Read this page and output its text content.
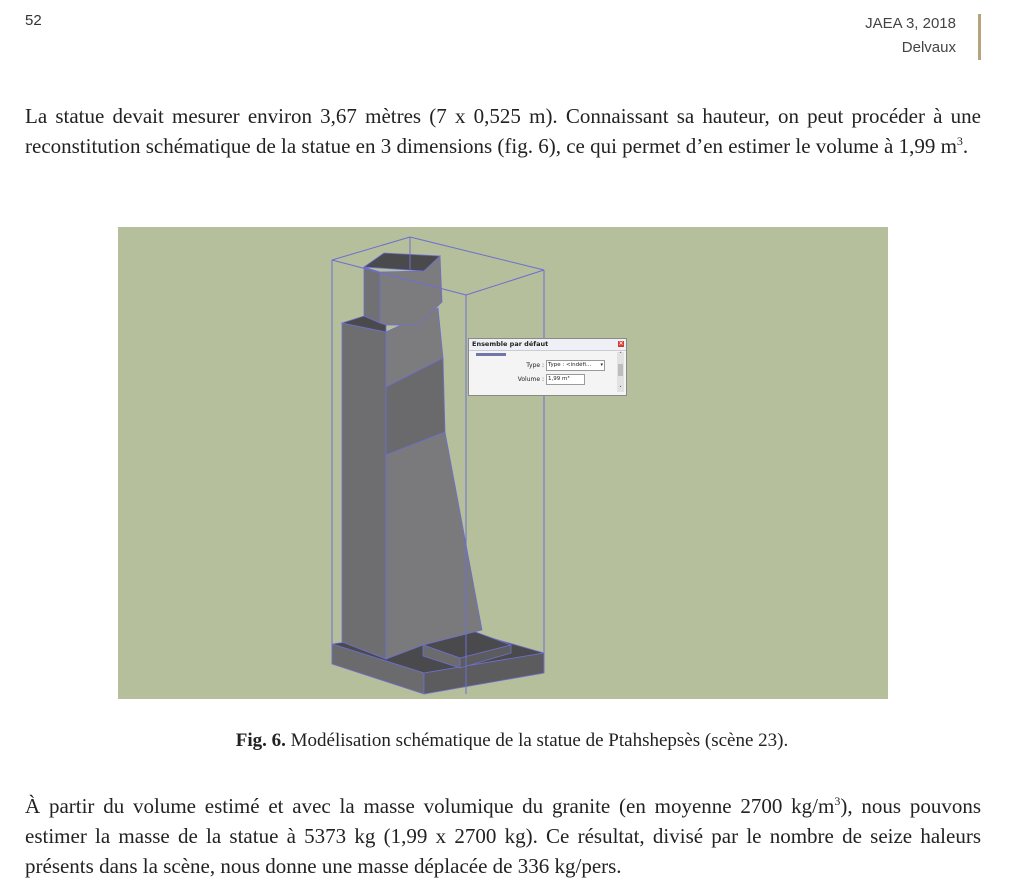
52	JAEA 3, 2018
Delvaux

La statue devait mesurer environ 3,67 mètres (7 x 0,525 m). Connaissant sa hauteur, on peut procéder à une reconstitution schématique de la statue en 3 dimensions (fig. 6), ce qui permet d’en estimer le volume à 1,99 $m^3$.

Ensemble par défaut	×
Type : Type : <indéfi... ▾
Volume : 1,99 m³
˄
˅
Fig. 6. Modélisation schématique de la statue de Ptahshepsès (scène 23).

À partir du volume estimé et avec la masse volumique du granite (en moyenne 2700 $kg/m^3$), nous pouvons estimer la masse de la statue à 5373 kg (1,99 x 2700 kg). Ce résultat, divisé par le nombre de seize haleurs présents dans la scène, nous donne une masse déplacée de 336 kg/pers.
